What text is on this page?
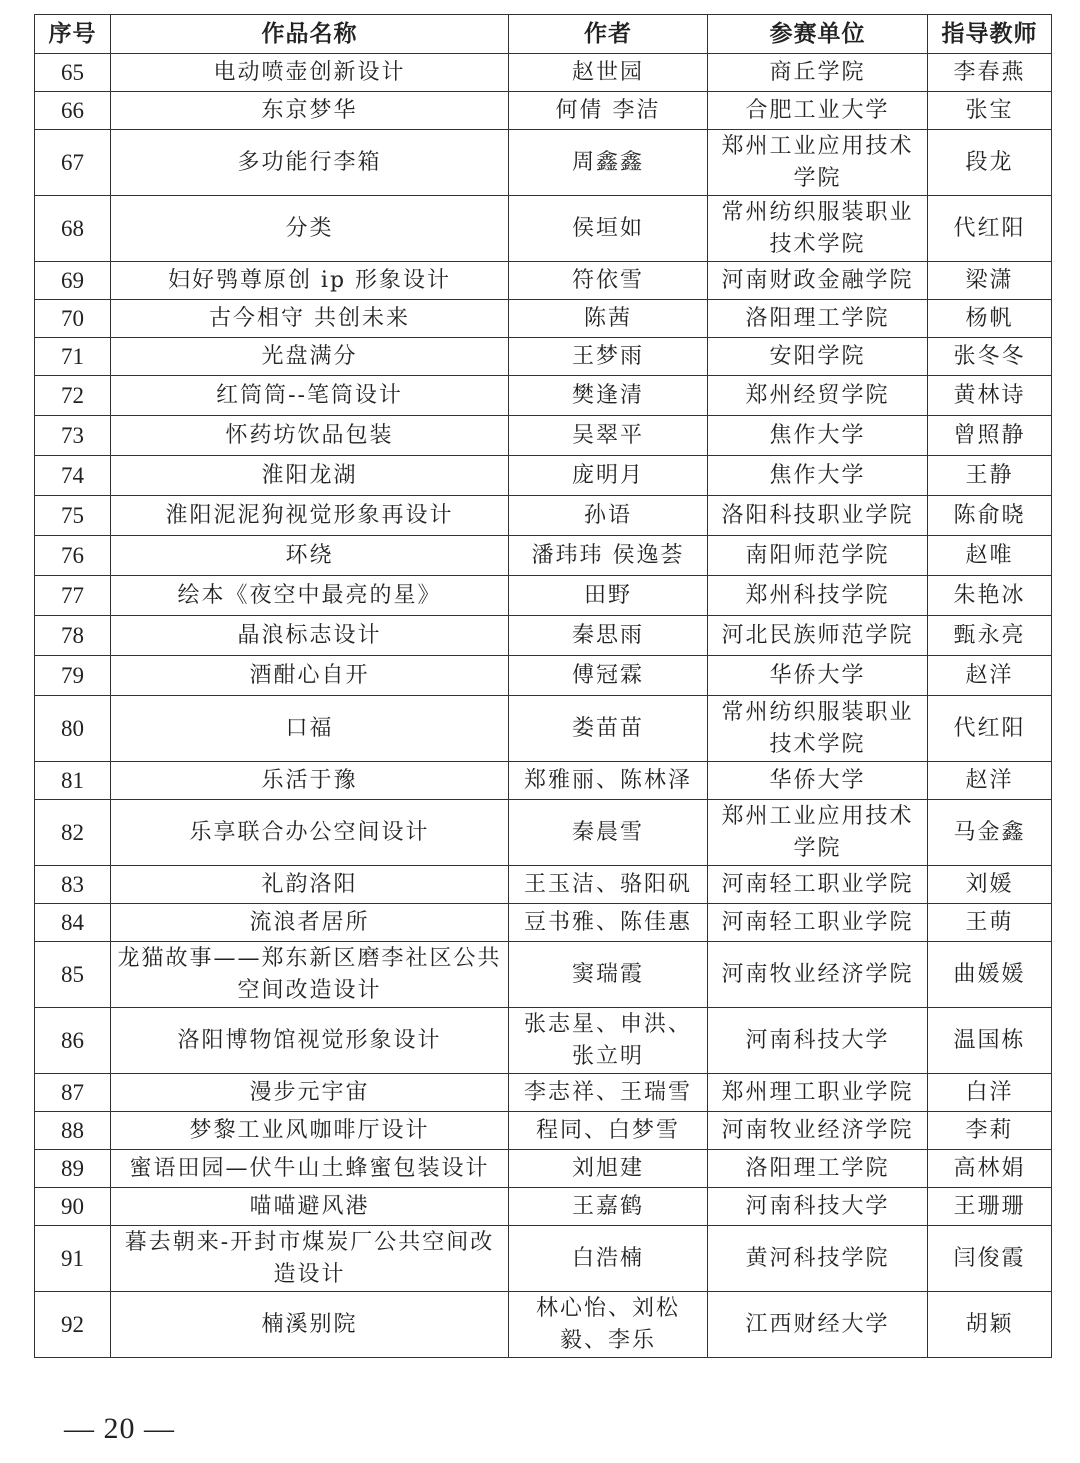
序号	作品名称	作者	参赛单位	指导教师
65	电动喷壶创新设计	赵世园	商丘学院	李春燕
66	东京梦华	何倩 李洁	合肥工业大学	张宝
67	多功能行李箱	周鑫鑫	郑州工业应用技术学院	段龙
68	分类	侯垣如	常州纺织服装职业技术学院	代红阳
69	妇好鸮尊原创 ip 形象设计	符依雪	河南财政金融学院	梁潇
70	古今相守 共创未来	陈茜	洛阳理工学院	杨帆
71	光盘满分	王梦雨	安阳学院	张冬冬
72	红筒筒--笔筒设计	樊逢清	郑州经贸学院	黄林诗
73	怀药坊饮品包装	吴翠平	焦作大学	曾照静
74	淮阳龙湖	庞明月	焦作大学	王静
75	淮阳泥泥狗视觉形象再设计	孙语	洛阳科技职业学院	陈俞晓
76	环绕	潘玮玮 侯逸荟	南阳师范学院	赵唯
77	绘本《夜空中最亮的星》	田野	郑州科技学院	朱艳冰
78	晶浪标志设计	秦思雨	河北民族师范学院	甄永亮
79	酒酣心自开	傅冠霖	华侨大学	赵洋
80	口福	娄苗苗	常州纺织服装职业技术学院	代红阳
81	乐活于豫	郑雅丽、陈林泽	华侨大学	赵洋
82	乐享联合办公空间设计	秦晨雪	郑州工业应用技术学院	马金鑫
83	礼韵洛阳	王玉洁、骆阳矾	河南轻工职业学院	刘媛
84	流浪者居所	豆书雅、陈佳惠	河南轻工职业学院	王萌
85	龙猫故事——郑东新区磨李社区公共空间改造设计	窦瑞霞	河南牧业经济学院	曲媛媛
86	洛阳博物馆视觉形象设计	张志星、申洪、张立明	河南科技大学	温国栋
87	漫步元宇宙	李志祥、王瑞雪	郑州理工职业学院	白洋
88	梦黎工业风咖啡厅设计	程同、白梦雪	河南牧业经济学院	李莉
89	蜜语田园—伏牛山土蜂蜜包装设计	刘旭建	洛阳理工学院	高林娟
90	喵喵避风港	王嘉鹤	河南科技大学	王珊珊
91	暮去朝来-开封市煤炭厂公共空间改造设计	白浩楠	黄河科技学院	闫俊霞
92	楠溪别院	林心怡、刘松毅、李乐	江西财经大学	胡颖
— 20 —
